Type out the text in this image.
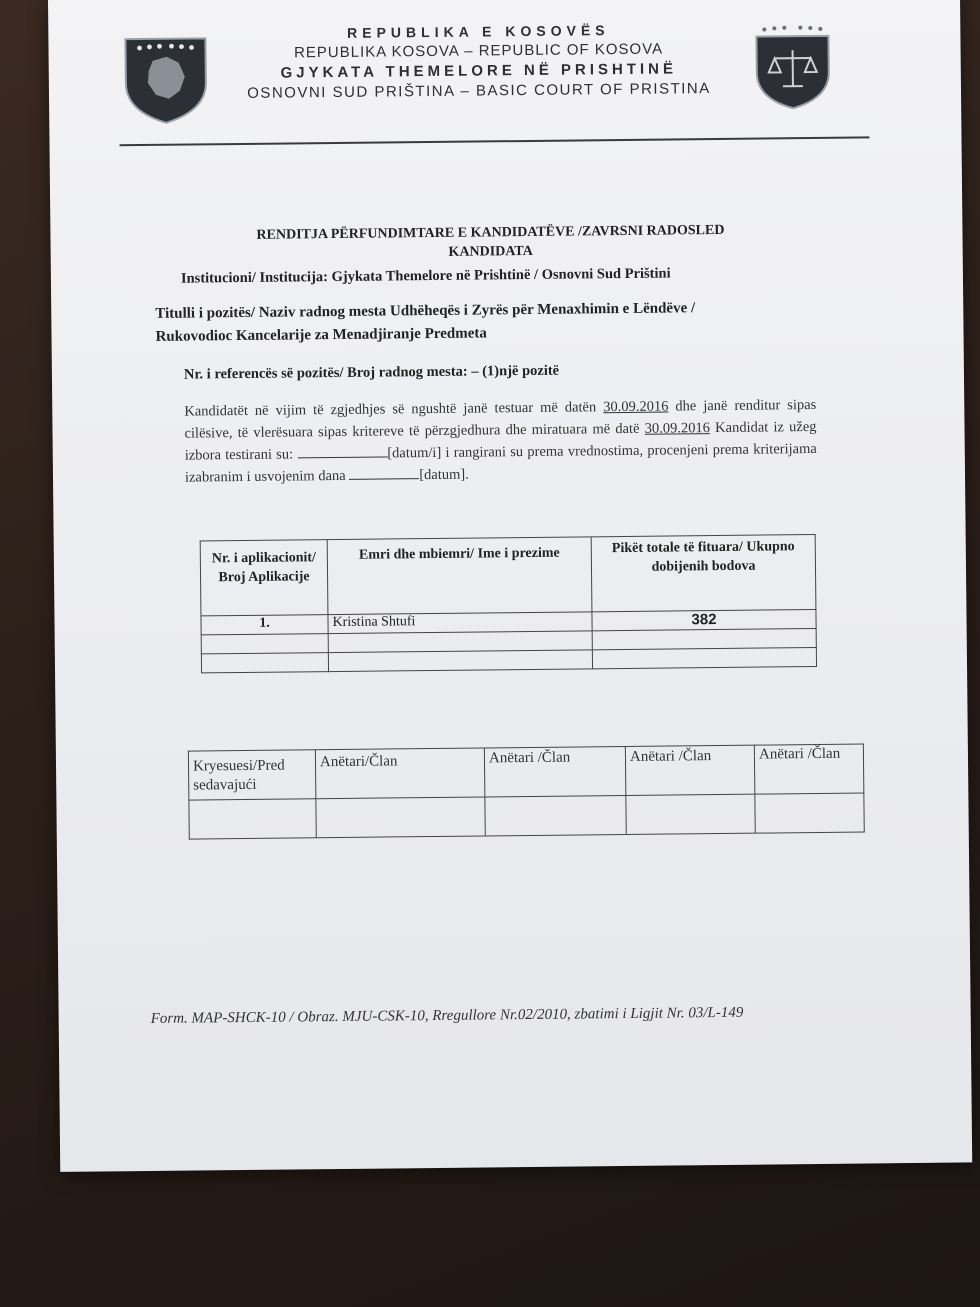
REPUBLIKA E KOSOVËS
REPUBLIKA KOSOVA – REPUBLIC OF KOSOVA
GJYKATA THEMELORE NË PRISHTINË
OSNOVNI SUD PRIŠTINA – BASIC COURT OF PRISTINA
RENDITJA PËRFUNDIMTARE E KANDIDATËVE /ZAVRSNI RADOSLED
KANDIDATA
Institucioni/ Institucija: Gjykata Themelore në Prishtinë / Osnovni Sud Prištini
Titulli i pozitës/ Naziv radnog mesta Udhëheqës i Zyrës për Menaxhimin e Lëndëve /
Rukovodioc Kancelarije za Menadjiranje Predmeta
Nr. i referencës së pozitës/ Broj radnog mesta: – (1)një pozitë
Kandidatët në vijim të zgjedhjes së ngushtë janë testuar më datën 30.09.2016 dhe janë renditur sipas cilësive, të vlerësuara sipas kritereve të përzgjedhura dhe miratuara më datë 30.09.2016 Kandidat iz užeg izbora testirani su:	[datum/i] i rangirani su prema vrednostima, procenjeni prema kriterijama izabranim i usvojenim dana	[datum].
Nr. i aplikacionit/ Broj Aplikacije	Emri dhe mbiemri/ Ime i prezime	Pikët totale të fituara/ Ukupno dobijenih bodova
1.	Kristina Shtufi	382

Kryesuesi/Pred sedavajući	Anëtari/Član	Anëtari /Član	Anëtari /Član	Anëtari /Član

Form. MAP-SHCK-10 / Obraz. MJU-CSK-10, Rregullore Nr.02/2010, zbatimi i Ligjit Nr. 03/L-149
